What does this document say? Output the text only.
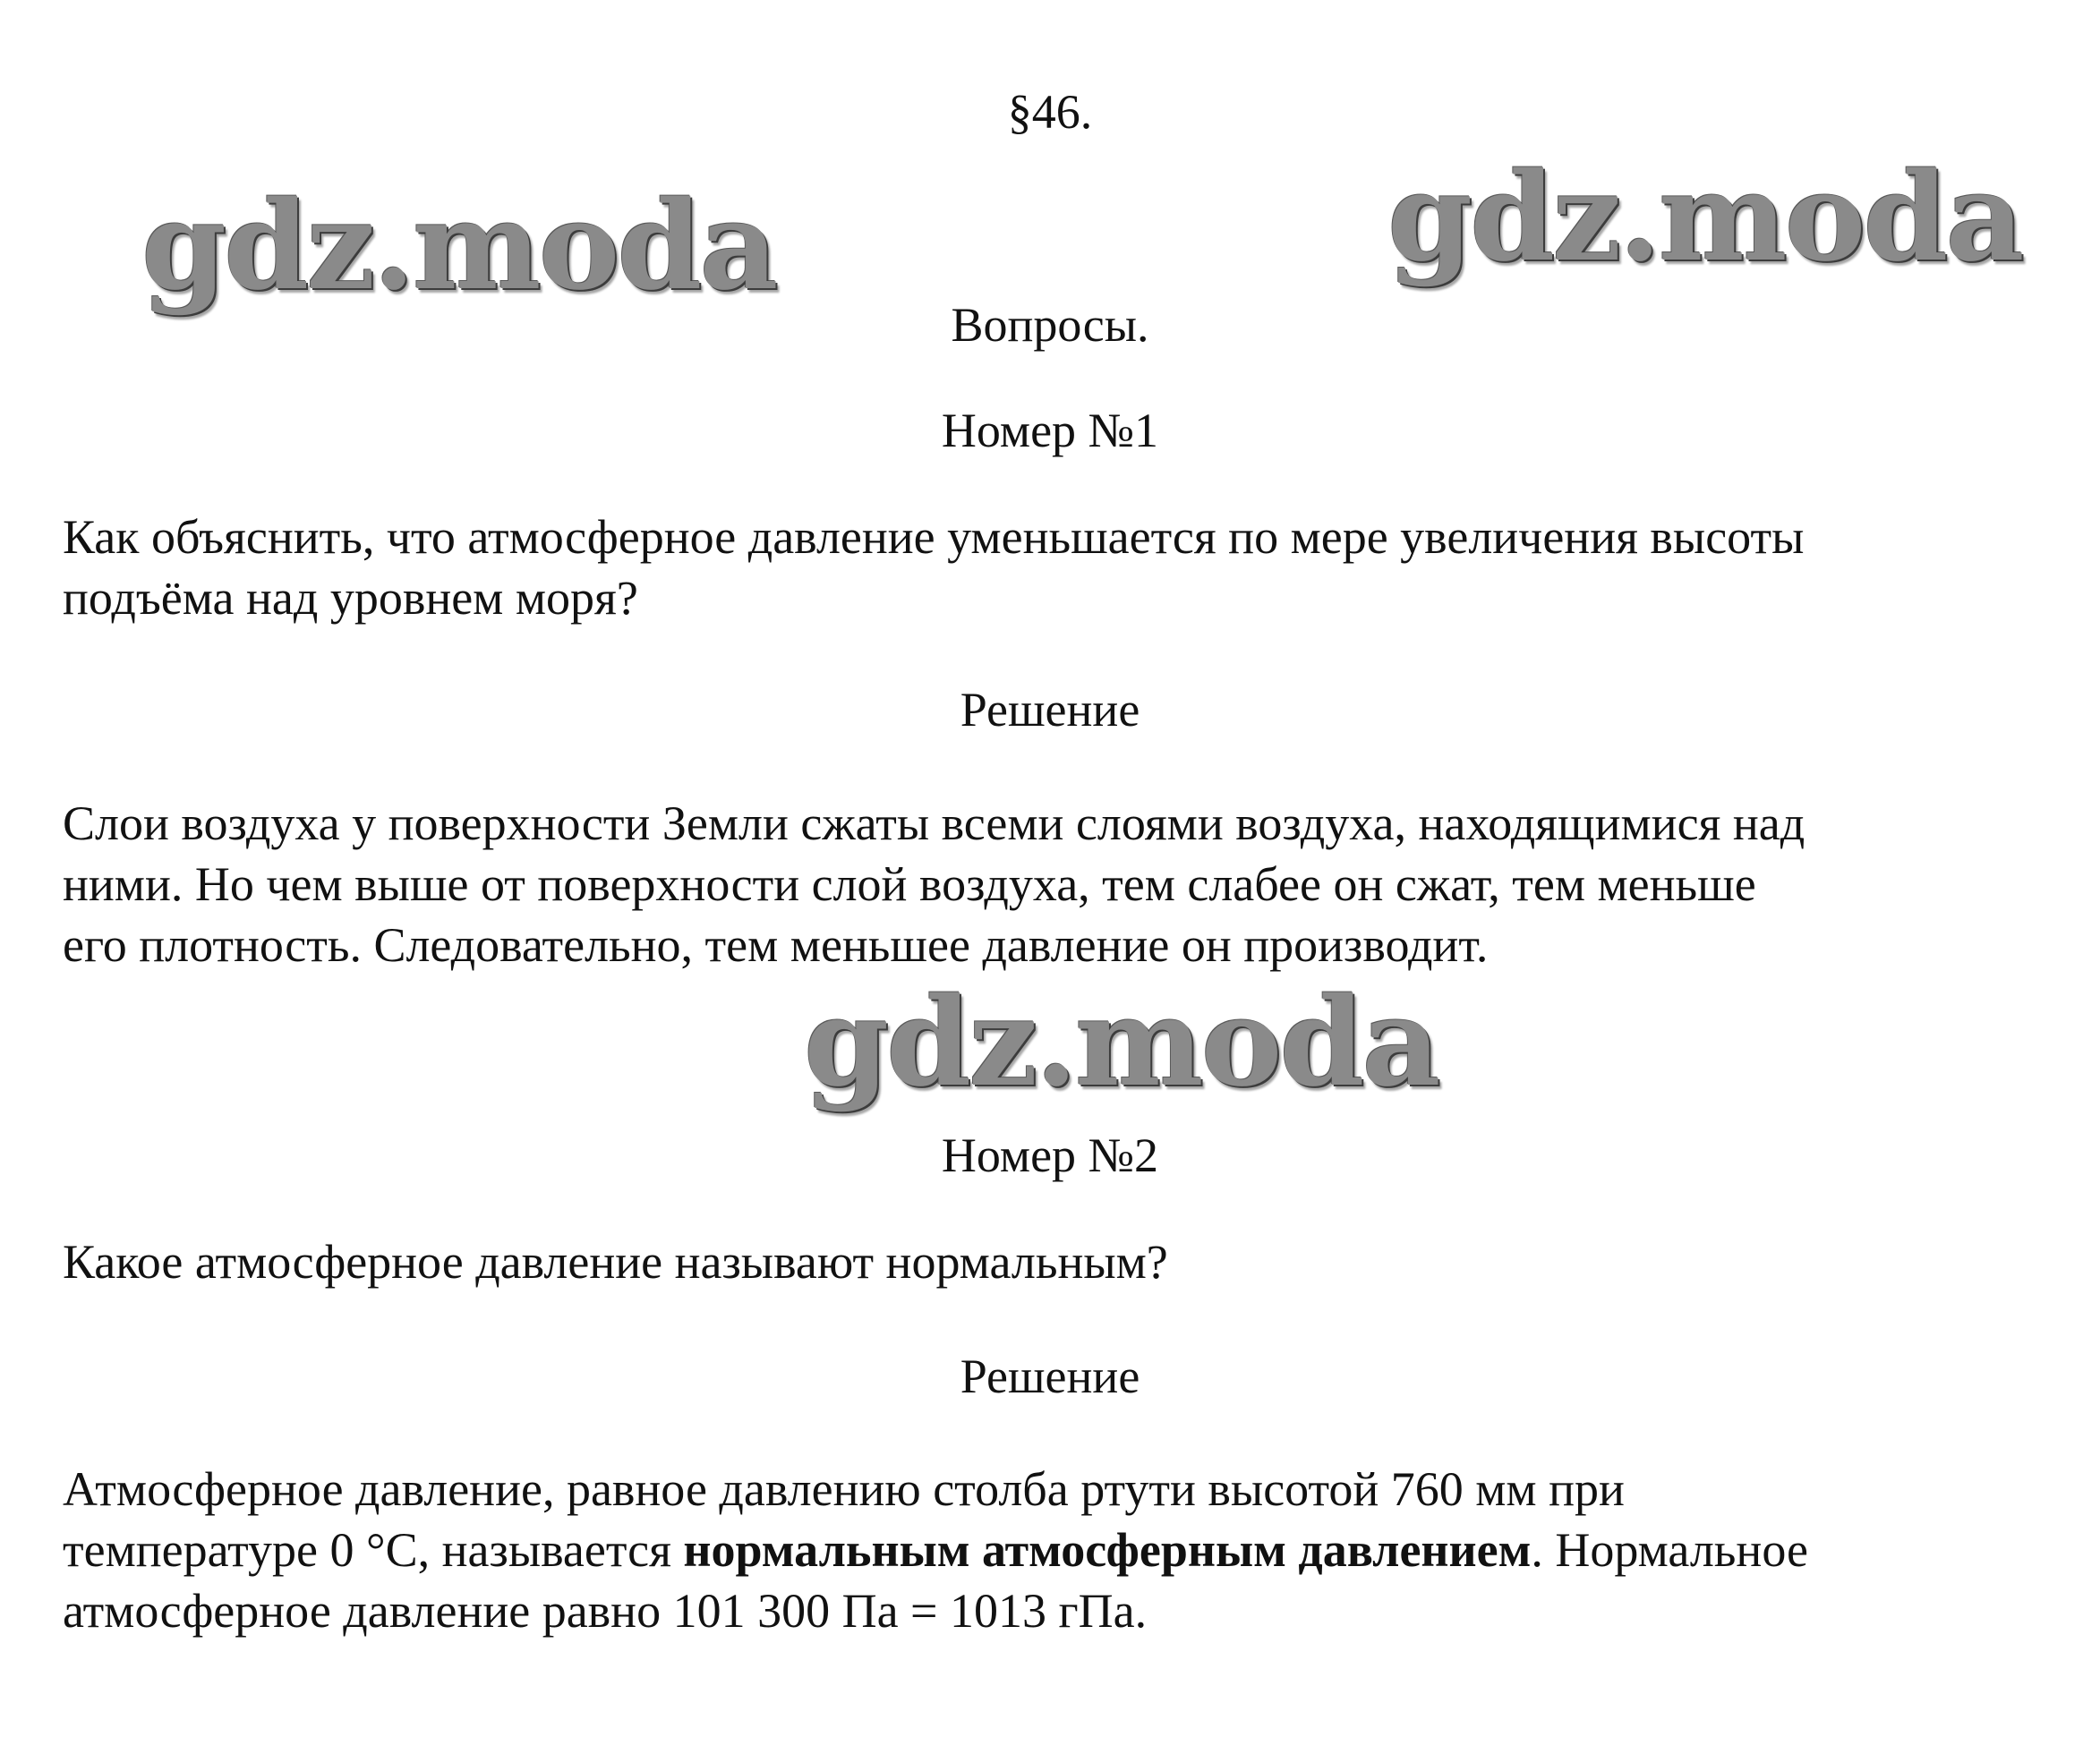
§46.
gdz.moda	gdz.moda
Вопросы.
Номер №1
Как объяснить, что атмосферное давление уменьшается по мере увеличения высоты
подъёма над уровнем моря?
Решение
Слои воздуха у поверхности Земли сжаты всеми слоями воздуха, находящимися над
ними. Но чем выше от поверхности слой воздуха, тем слабее он сжат, тем меньше
его плотность. Следовательно, тем меньшее давление он производит.
gdz.moda
Номер №2
Какое атмосферное давление называют нормальным?
Решение
Атмосферное давление, равное давлению столба ртути высотой 760 мм при
температуре 0 °С, называется нормальным атмосферным давлением. Нормальное
атмосферное давление равно 101 300 Па = 1013 гПа.
